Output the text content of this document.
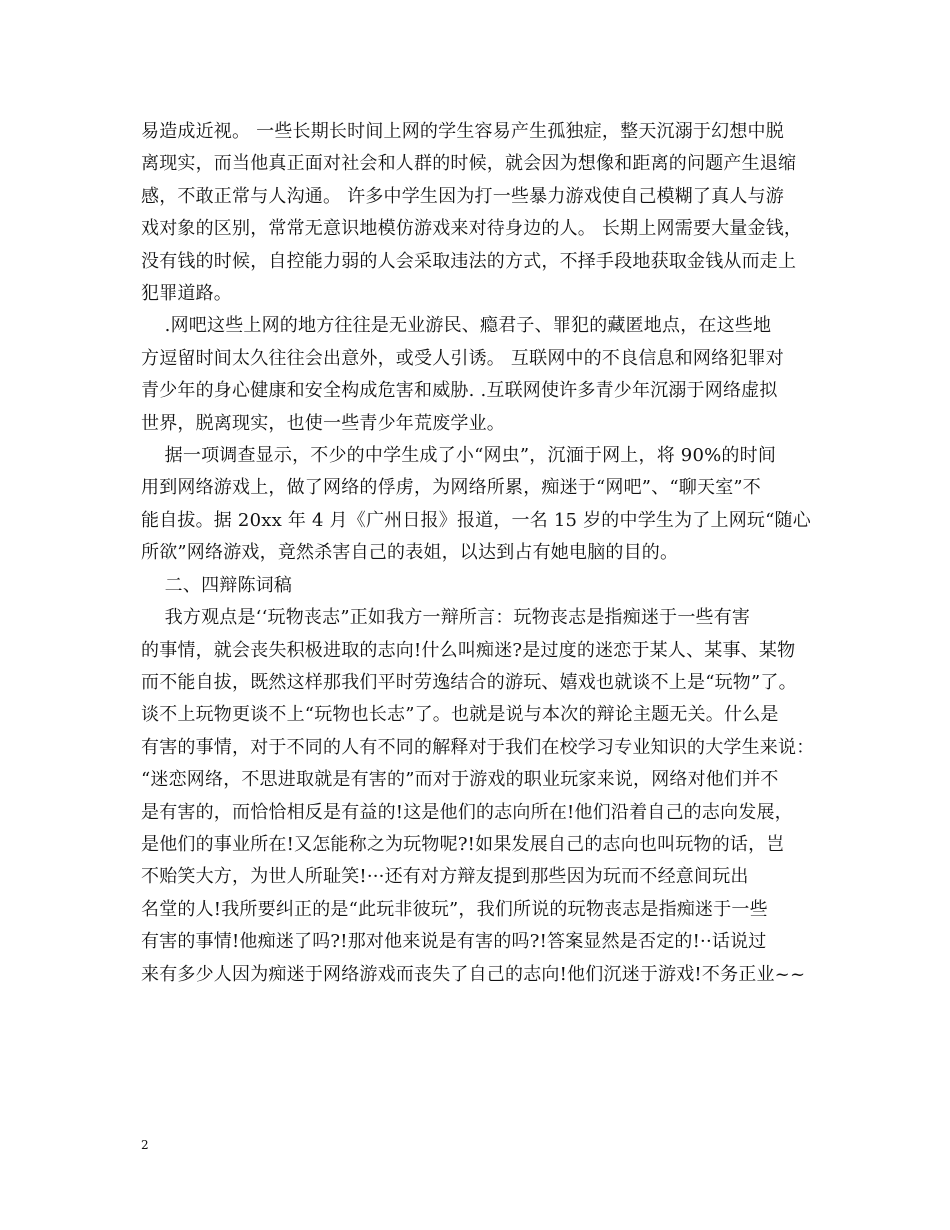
易造成近视。 一些长期长时间上网的学生容易产生孤独症，整天沉溺于幻想中脱

离现实，而当他真正面对社会和人群的时候，就会因为想像和距离的问题产生退缩

感，不敢正常与人沟通。 许多中学生因为打一些暴力游戏使自己模糊了真人与游

戏对象的区别，常常无意识地模仿游戏来对待身边的人。 长期上网需要大量金钱，

没有钱的时候，自控能力弱的人会采取违法的方式，不择手段地获取金钱从而走上

犯罪道路。

.网吧这些上网的地方往往是无业游民、瘾君子、罪犯的藏匿地点，在这些地

方逗留时间太久往往会出意外，或受人引诱。 互联网中的不良信息和网络犯罪对

青少年的身心健康和安全构成危害和威胁. .互联网使许多青少年沉溺于网络虚拟

世界，脱离现实，也使一些青少年荒废学业。

据一项调查显示，不少的中学生成了小“网虫”，沉湎于网上，将 90%的时间

用到网络游戏上，做了网络的俘虏，为网络所累，痴迷于“网吧”、“聊天室”不

能自拔。据 20xx 年 4 月《广州日报》报道，一名 15 岁的中学生为了上网玩“随心

所欲”网络游戏，竟然杀害自己的表姐，以达到占有她电脑的目的。

二、四辩陈词稿

我方观点是‘‘玩物丧志”正如我方一辩所言：玩物丧志是指痴迷于一些有害

的事情，就会丧失积极进取的志向!什么叫痴迷?是过度的迷恋于某人、某事、某物

而不能自拔，既然这样那我们平时劳逸结合的游玩、嬉戏也就谈不上是“玩物”了。

谈不上玩物更谈不上“玩物也长志”了。也就是说与本次的辩论主题无关。什么是

有害的事情，对于不同的人有不同的解释对于我们在校学习专业知识的大学生来说：

“迷恋网络，不思进取就是有害的”而对于游戏的职业玩家来说，网络对他们并不

是有害的，而恰恰相反是有益的!这是他们的志向所在!他们沿着自己的志向发展，

是他们的事业所在!又怎能称之为玩物呢?!如果发展自己的志向也叫玩物的话，岂

不贻笑大方，为世人所耻笑!···还有对方辩友提到那些因为玩而不经意间玩出

名堂的人!我所要纠正的是“此玩非彼玩”，我们所说的玩物丧志是指痴迷于一些

有害的事情!他痴迷了吗?!那对他来说是有害的吗?!答案显然是否定的!··话说过

来有多少人因为痴迷于网络游戏而丧失了自己的志向!他们沉迷于游戏!不务正业~~

2
